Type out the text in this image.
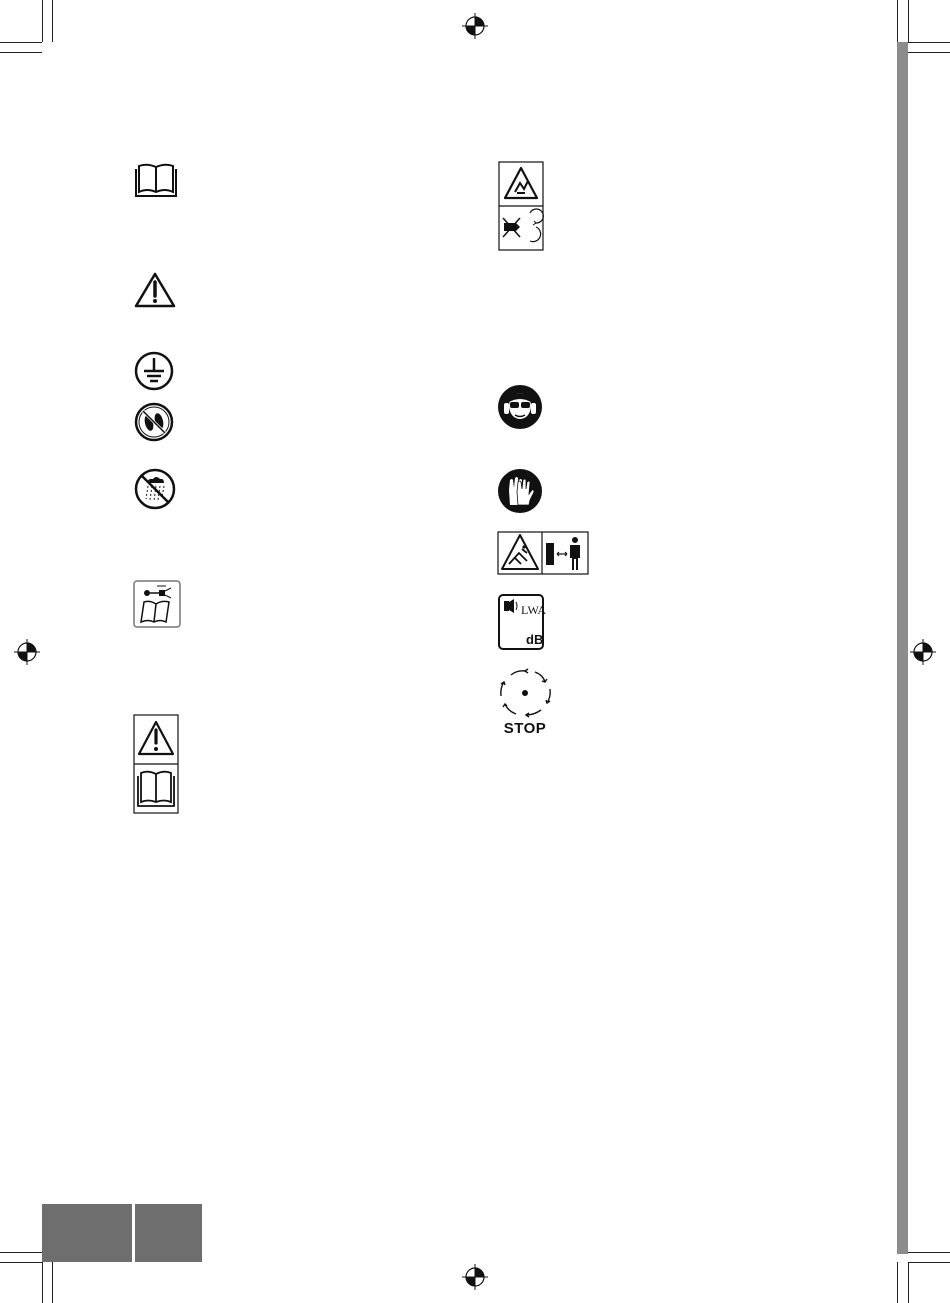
LWA
dB
STOP
